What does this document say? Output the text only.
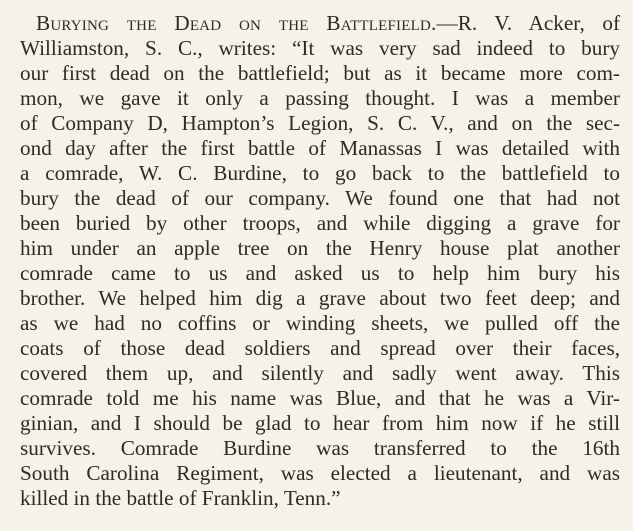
Burying the Dead on the Battlefield.—R. V. Acker, of
Williamston, S. C., writes: “It was very sad indeed to bury
our first dead on the battlefield; but as it became more com-
mon, we gave it only a passing thought. I was a member
of Company D, Hampton’s Legion, S. C. V., and on the sec-
ond day after the first battle of Manassas I was detailed with
a comrade, W. C. Burdine, to go back to the battlefield to
bury the dead of our company. We found one that had not
been buried by other troops, and while digging a grave for
him under an apple tree on the Henry house plat another
comrade came to us and asked us to help him bury his
brother. We helped him dig a grave about two feet deep; and
as we had no coffins or winding sheets, we pulled off the
coats of those dead soldiers and spread over their faces,
covered them up, and silently and sadly went away. This
comrade told me his name was Blue, and that he was a Vir-
ginian, and I should be glad to hear from him now if he still
survives. Comrade Burdine was transferred to the 16th
South Carolina Regiment, was elected a lieutenant, and was
killed in the battle of Franklin, Tenn.”
